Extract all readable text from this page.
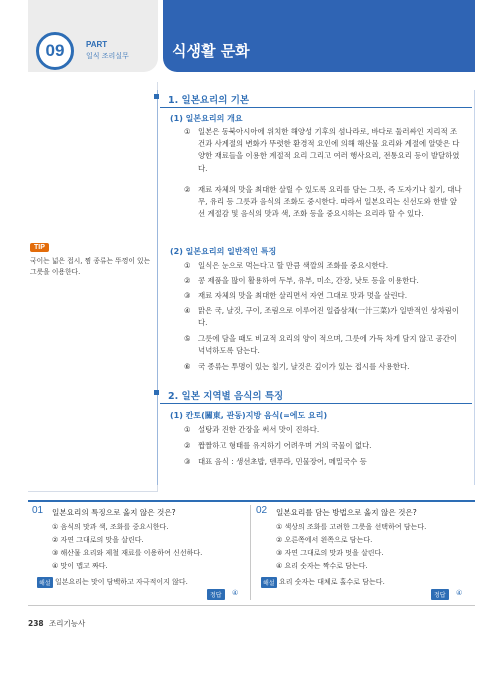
09	PART
일식 조리실무	식생활 문화
1. 일본요리의 기본
(1) 일본요리의 개요
① 일본은 동북아시아에 위치한 해양성 기후의 섬나라로, 바다로 둘러싸인 지리적 조건과 사계절의 변화가 뚜렷한 환경적 요인에 의해 해산물 요리와 계절에 알맞은 다양한 재료들을 이용한 계절적 요리 그리고 여러 행사요리, 전통요리 등이 발달하였다.
② 재료 자체의 맛을 최대한 살릴 수 있도록 요리를 담는 그릇, 즉 도자기나 칠기, 대나무, 유리 등 그릇과 음식의 조화도 중시한다. 따라서 일본요리는 신선도와 한발 앞선 계절감 및 음식의 맛과 색, 조화 등을 중요시하는 요리라 할 수 있다.
(2) 일본요리의 일반적인 특징
① 일식은 눈으로 먹는다고 할 만큼 색깔의 조화를 중요시한다.
② 콩 제품을 많이 활용하여 두부, 유부, 미소, 간장, 낫토 등을 이용한다.
③ 재료 자체의 맛을 최대한 살리면서 자연 그대로 맛과 멋을 살린다.
④ 맑은 국, 날것, 구이, 조림으로 이루어진 일즙삼채(一汁三菜)가 일반적인 상차림이다.
⑤ 그릇에 담을 때도 비교적 요리의 양이 적으며, 그릇에 가득 차게 담지 않고 공간이 넉넉하도록 담는다.
⑥ 국 종류는 투명이 있는 칠기, 날것은 깊이가 있는 접시를 사용한다.
2. 일본 지역별 음식의 특징
(1) 칸토(關東, 관동)지방 음식(=에도 요리)
① 설탕과 진한 간장을 써서 맛이 진하다.
② 짭짤하고 형태를 유지하기 어려우며 거의 국물이 없다.
③ 대표 음식 : 생선초밥, 덴푸라, 민물장어, 메밀국수 등
TIP
국이는 넓은 접시, 찜 종류는 뚜껑이 있는 그릇을 이용한다.
01 일본요리의 특징으로 옳지 않은 것은?
① 음식의 맛과 색, 조화를 중요시한다.
② 자연 그대로의 맛을 살린다.
③ 해산물 요리와 제철 재료를 이용하여 신선하다.
④ 맛이 맵고 짜다.
해설 일본요리는 맛이 담백하고 자극적이지 않다.
정답	④
02 일본요리를 담는 방법으로 옳지 않은 것은?
① 색상의 조화를 고려한 그릇을 선택하여 담는다.
② 오른쪽에서 왼쪽으로 담는다.
③ 자연 그대로의 맛과 멋을 살린다.
④ 요리 숫자는 짝수로 담는다.
해설 요리 숫자는 대체로 홀수로 담는다.
정답	④
238 조리기능사
